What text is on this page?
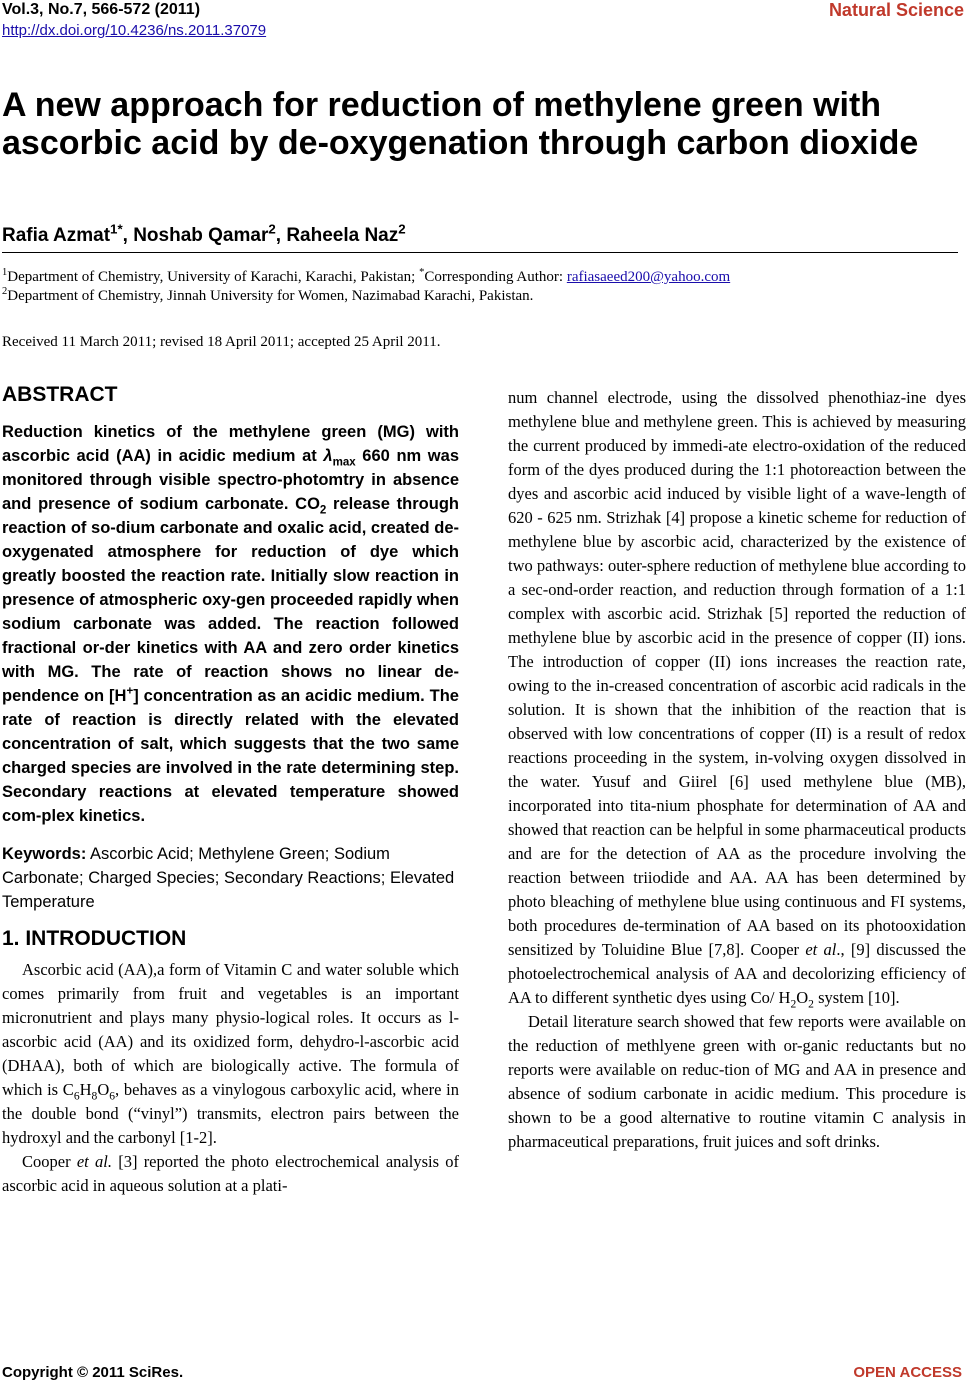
Vol.3, No.7, 566-572 (2011)
http://dx.doi.org/10.4236/ns.2011.37079
Natural Science
A new approach for reduction of methylene green with ascorbic acid by de-oxygenation through carbon dioxide
Rafia Azmat$^{1*}$, Noshab Qamar$^2$, Raheela Naz$^2$
$^1$Department of Chemistry, University of Karachi, Karachi, Pakistan; *Corresponding Author: rafiasaeed200@yahoo.com
$^2$Department of Chemistry, Jinnah University for Women, Nazimabad Karachi, Pakistan.
Received 11 March 2011; revised 18 April 2011; accepted 25 April 2011.
ABSTRACT

Reduction kinetics of the methylene green (MG) with ascorbic acid (AA) in acidic medium at $\lambda_{max}$ 660 nm was monitored through visible spectro-photomtry in absence and presence of sodium carbonate. $CO_2$ release through reaction of so-dium carbonate and oxalic acid, created de-oxygenated atmosphere for reduction of dye which greatly boosted the reaction rate. Initially slow reaction in presence of atmospheric oxy-gen proceeded rapidly when sodium carbonate was added. The reaction followed fractional or-der kinetics with AA and zero order kinetics with MG. The rate of reaction shows no linear de-pendence on [H+] concentration as an acidic medium. The rate of reaction is directly related with the elevated concentration of salt, which suggests that the two same charged species are involved in the rate determining step. Secondary reactions at elevated temperature showed com-plex kinetics.

Keywords: Ascorbic Acid; Methylene Green; Sodium Carbonate; Charged Species; Secondary Reactions; Elevated Temperature

1. INTRODUCTION

Ascorbic acid (AA),a form of Vitamin C and water soluble which comes primarily from fruit and vegetables is an important micronutrient and plays many physio-logical roles. It occurs as l-ascorbic acid (AA) and its oxidized form, dehydro-l-ascorbic acid (DHAA), both of which are biologically active. The formula of which is $C_6H_8O_6$, behaves as a vinylogous carboxylic acid, where in the double bond (“vinyl”) transmits, electron pairs between the hydroxyl and the carbonyl [1-2].

Cooper et al. [3] reported the photo electrochemical analysis of ascorbic acid in aqueous solution at a plati-

num channel electrode, using the dissolved phenothiaz-ine dyes methylene blue and methylene green. This is achieved by measuring the current produced by immedi-ate electro-oxidation of the reduced form of the dyes produced during the 1:1 photoreaction between the dyes and ascorbic acid induced by visible light of a wave-length of 620 - 625 nm. Strizhak [4] propose a kinetic scheme for reduction of methylene blue by ascorbic acid, characterized by the existence of two pathways: outer-sphere reduction of methylene blue according to a sec-ond-order reaction, and reduction through formation of a 1:1 complex with ascorbic acid. Strizhak [5] reported the reduction of methylene blue by ascorbic acid in the presence of copper (II) ions. The introduction of copper (II) ions increases the reaction rate, owing to the in-creased concentration of ascorbic acid radicals in the solution. It is shown that the inhibition of the reaction that is observed with low concentrations of copper (II) is a result of redox reactions proceeding in the system, in-volving oxygen dissolved in the water. Yusuf and Giirel [6] used methylene blue (MB), incorporated into tita-nium phosphate for determination of AA and showed that reaction can be helpful in some pharmaceutical products and are for the detection of AA as the procedure involving the reaction between triiodide and AA. AA has been determined by photo bleaching of methylene blue using continuous and FI systems, both procedures de-termination of AA based on its photooxidation sensitized by Toluidine Blue [7,8]. Cooper et al., [9] discussed the photoelectrochemical analysis of AA and decolorizing efficiency of AA to different synthetic dyes using Co/ $H_2O_2$ system [10].

Detail literature search showed that few reports were available on the reduction of methlyene green with or-ganic reductants but no reports were available on reduc-tion of MG and AA in presence and absence of sodium carbonate in acidic medium. This procedure is shown to be a good alternative to routine vitamin C analysis in pharmaceutical preparations, fruit juices and soft drinks.

Copyright © 2011 SciRes.	OPEN ACCESS
